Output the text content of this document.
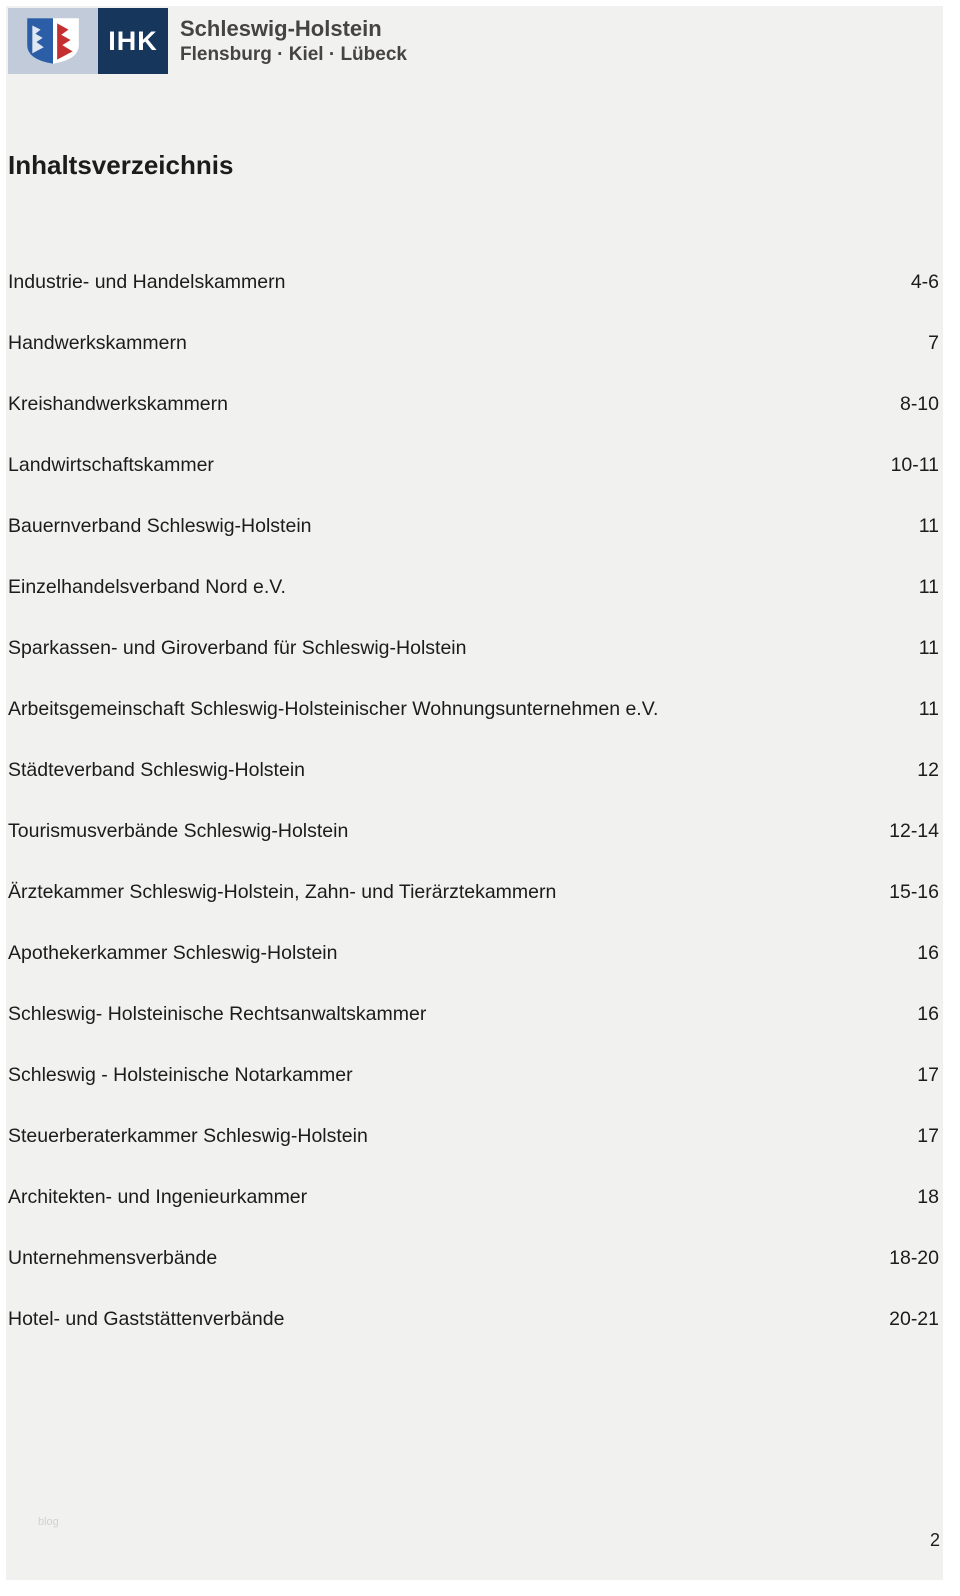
IHK	Schleswig-Holstein
Flensburg · Kiel · Lübeck
Inhaltsverzeichnis
Industrie- und Handelskammern	4-6
Handwerkskammern	7
Kreishandwerkskammern	8-10
Landwirtschaftskammer	10-11
Bauernverband Schleswig-Holstein	11
Einzelhandelsverband Nord e.V.	11
Sparkassen- und Giroverband für Schleswig-Holstein	11
Arbeitsgemeinschaft Schleswig-Holsteinischer Wohnungsunternehmen e.V.	11
Städteverband Schleswig-Holstein	12
Tourismusverbände Schleswig-Holstein	12-14
Ärztekammer Schleswig-Holstein, Zahn- und Tierärztekammern	15-16
Apothekerkammer Schleswig-Holstein	16
Schleswig- Holsteinische Rechtsanwaltskammer	16
Schleswig - Holsteinische Notarkammer	17
Steuerberaterkammer Schleswig-Holstein	17
Architekten- und Ingenieurkammer	18
Unternehmensverbände	18-20
Hotel- und Gaststättenverbände	20-21
blog
2
